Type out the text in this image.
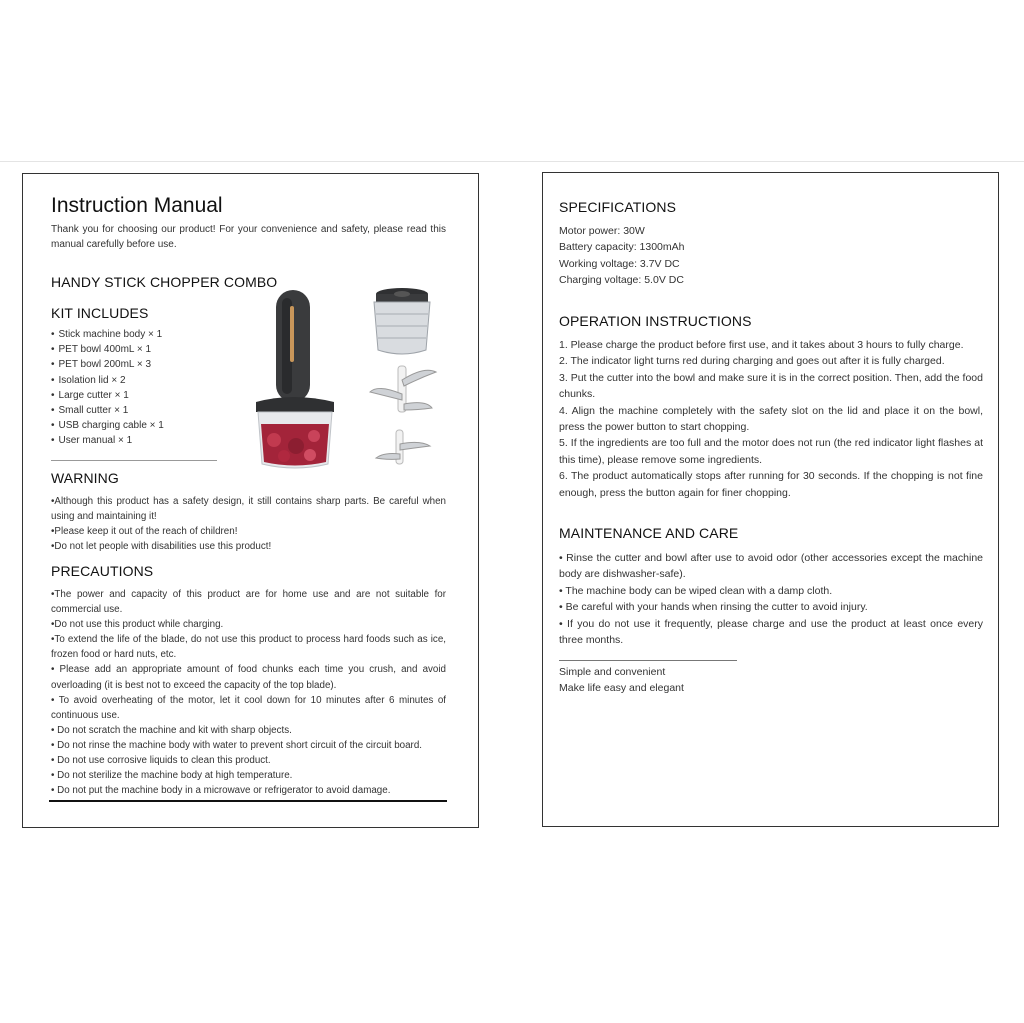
Instruction Manual

Thank you for choosing our product! For your convenience and safety, please read this manual carefully before use.

HANDY STICK CHOPPER COMBO
KIT INCLUDES
• Stick machine body × 1
• PET bowl 400mL × 1
• PET bowl 200mL × 3
• Isolation lid × 2
• Large cutter × 1
• Small cutter × 1
• USB charging cable × 1
• User manual × 1
WARNING

•Although this product has a safety design, it still contains sharp parts. Be careful when using and maintaining it!

•Please keep it out of the reach of children!

•Do not let people with disabilities use this product!

PRECAUTIONS

•The power and capacity of this product are for home use and are not suitable for commercial use.

•Do not use this product while charging.

•To extend the life of the blade, do not use this product to process hard foods such as ice, frozen food or hard nuts, etc.

• Please add an appropriate amount of food chunks each time you crush, and avoid overloading (it is best not to exceed the capacity of the top blade).

• To avoid overheating of the motor, let it cool down for 10 minutes after 6 minutes of continuous use.

• Do not scratch the machine and kit with sharp objects.

• Do not rinse the machine body with water to prevent short circuit of the circuit board.

• Do not use corrosive liquids to clean this product.

• Do not sterilize the machine body at high temperature.

• Do not put the machine body in a microwave or refrigerator to avoid damage.

SPECIFICATIONS

Motor power: 30W

Battery capacity: 1300mAh

Working voltage: 3.7V DC

Charging voltage: 5.0V DC

OPERATION INSTRUCTIONS

1. Please charge the product before first use, and it takes about 3 hours to fully charge.

2. The indicator light turns red during charging and goes out after it is fully charged.

3. Put the cutter into the bowl and make sure it is in the correct position. Then, add the food chunks.

4. Align the machine completely with the safety slot on the lid and place it on the bowl, press the power button to start chopping.

5. If the ingredients are too full and the motor does not run (the red indicator light flashes at this time), please remove some ingredients.

6. The product automatically stops after running for 30 seconds. If the chopping is not fine enough, press the button again for finer chopping.

MAINTENANCE AND CARE

• Rinse the cutter and bowl after use to avoid odor (other accessories except the machine body are dishwasher-safe).

• The machine body can be wiped clean with a damp cloth.

• Be careful with your hands when rinsing the cutter to avoid injury.

• If you do not use it frequently, please charge and use the product at least once every three months.

Simple and convenient

Make life easy and elegant
